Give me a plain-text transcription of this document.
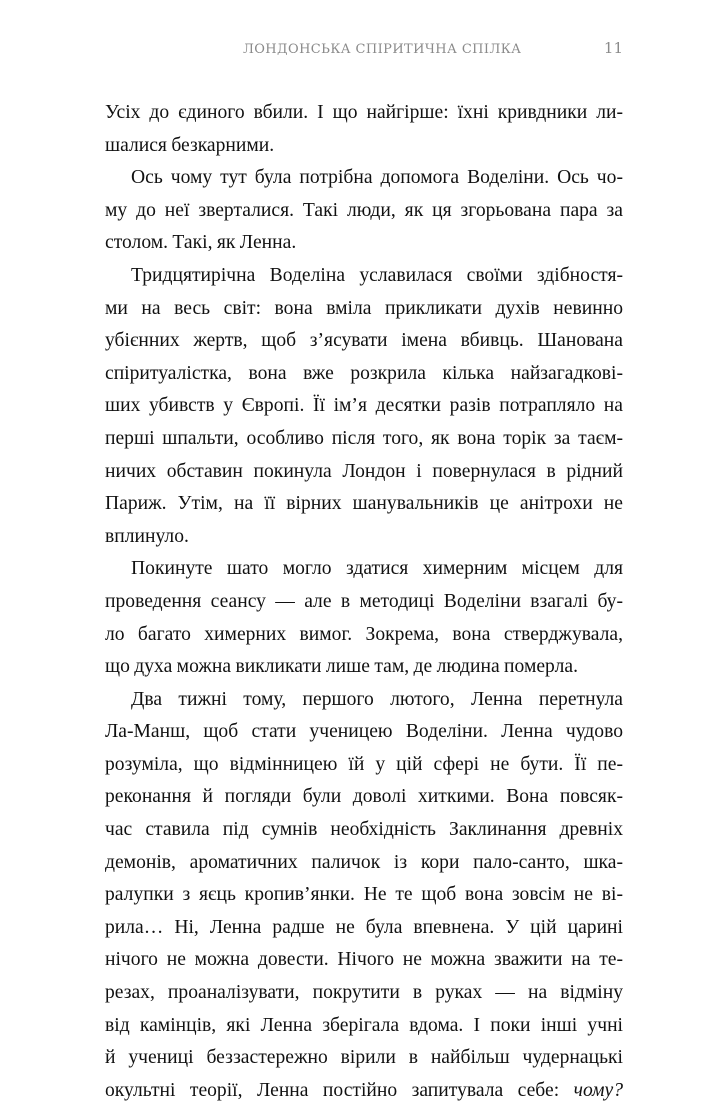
ЛОНДОНСЬКА СПІРИТИЧНА СПІЛКА	11

Усіх до єдиного вбили. І що найгірше: їхні кривдники ли-

шалися безкарними.

Ось чому тут була потрібна допомога Воделіни. Ось чо-

му до неї зверталися. Такі люди, як ця згорьована пара за

столом. Такі, як Ленна.

Тридцятирічна Воделіна уславилася своїми здібностя-

ми на весь світ: вона вміла прикликати духів невинно

убієнних жертв, щоб з’ясувати імена вбивць. Шанована

спіритуалістка, вона вже розкрила кілька найзагадкові-

ших убивств у Європі. Її ім’я десятки разів потрапляло на

перші шпальти, особливо після того, як вона торік за таєм-

ничих обставин покинула Лондон і повернулася в рідний

Париж. Утім, на її вірних шанувальників це анітрохи не

вплинуло.

Покинуте шато могло здатися химерним місцем для

проведення сеансу — але в методиці Воделіни взагалі бу-

ло багато химерних вимог. Зокрема, вона стверджувала,

що духа можна викликати лише там, де людина померла.

Два тижні тому, першого лютого, Ленна перетнула

Ла-Манш, щоб стати ученицею Воделіни. Ленна чудово

розуміла, що відмінницею їй у цій сфері не бути. Її пе-

реконання й погляди були доволі хиткими. Вона повсяк-

час ставила під сумнів необхідність Заклинання древніх

демонів, ароматичних паличок із кори пало-санто, шка-

ралупки з яєць кропив’янки. Не те щоб вона зовсім не ві-

рила… Ні, Ленна радше не була впевнена. У цій царині

нічого не можна довести. Нічого не можна зважити на те-

резах, проаналізувати, покрутити в руках — на відміну

від камінців, які Ленна зберігала вдома. І поки інші учні

й учениці беззастережно вірили в найбільш чудернацькі

окультні теорії, Ленна постійно запитувала себе: чому?
